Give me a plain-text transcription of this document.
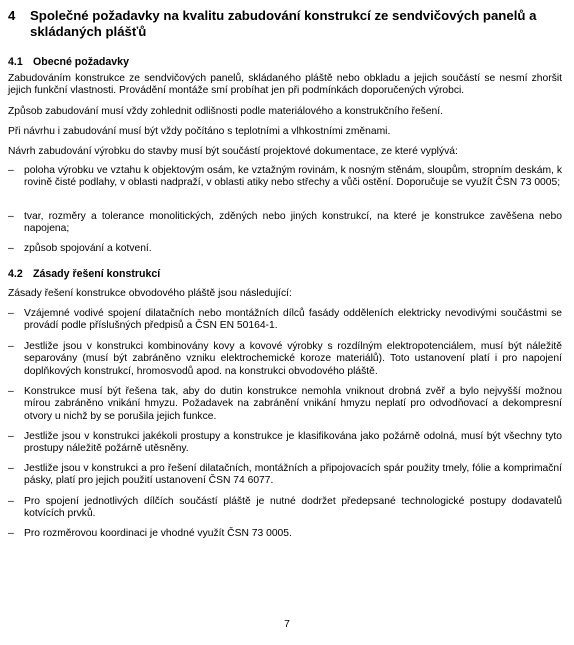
4 Společné požadavky na kvalitu zabudování konstrukcí ze sendvičových panelů a skládaných plášťů
4.1 Obecné požadavky
Zabudováním konstrukce ze sendvičových panelů, skládaného pláště nebo obkladu a jejich součástí se nesmí zhoršit jejich funkční vlastnosti. Provádění montáže smí probíhat jen při podmínkách doporučených výrobci.
Způsob zabudování musí vždy zohlednit odlišnosti podle materiálového a konstrukčního řešení.
Při návrhu i zabudování musí být vždy počítáno s teplotními a vlhkostními změnami.
Návrh zabudování výrobku do stavby musí být součástí projektové dokumentace, ze které vyplývá:
– poloha výrobku ve vztahu k objektovým osám, ke vztažným rovinám, k nosným stěnám, sloupům, stropním deskám, k rovině čisté podlahy, v oblasti nadpraží, v oblasti atiky nebo střechy a vůči ostění. Doporučuje se využít ČSN 73 0005;
– tvar, rozměry a tolerance monolitických, zděných nebo jiných konstrukcí, na které je konstrukce zavěšena nebo napojena;
– způsob spojování a kotvení.
4.2 Zásady řešení konstrukcí
Zásady řešení konstrukce obvodového pláště jsou následující:
– Vzájemné vodivé spojení dilatačních nebo montážních dílců fasády odděleních elektricky nevodivými součástmi se provádí podle příslušných předpisů a ČSN EN 50164-1.
– Jestliže jsou v konstrukci kombinovány kovy a kovové výrobky s rozdílným elektropotenciálem, musí být náležitě separovány (musí být zabráněno vzniku elektrochemické koroze materiálů). Toto ustanovení platí i pro napojení doplňkových konstrukcí, hromosvodů apod. na konstrukci obvodového pláště.
– Konstrukce musí být řešena tak, aby do dutin konstrukce nemohla vniknout drobná zvěř a bylo nejvyšší možnou mírou zabráněno vnikání hmyzu. Požadavek na zabránění vnikání hmyzu neplatí pro odvodňovací a dekompresní otvory u nichž by se porušila jejich funkce.
– Jestliže jsou v konstrukci jakékoli prostupy a konstrukce je klasifikována jako požárně odolná, musí být všechny tyto prostupy náležitě požárně utěsněny.
– Jestliže jsou v konstrukci a pro řešení dilatačních, montážních a připojovacích spár použity tmely, fólie a komprimační pásky, platí pro jejich použití ustanovení ČSN 74 6077.
– Pro spojení jednotlivých dílčích součástí pláště je nutné dodržet předepsané technologické postupy dodavatelů kotvících prvků.
– Pro rozměrovou koordinaci je vhodné využít ČSN 73 0005.
7
